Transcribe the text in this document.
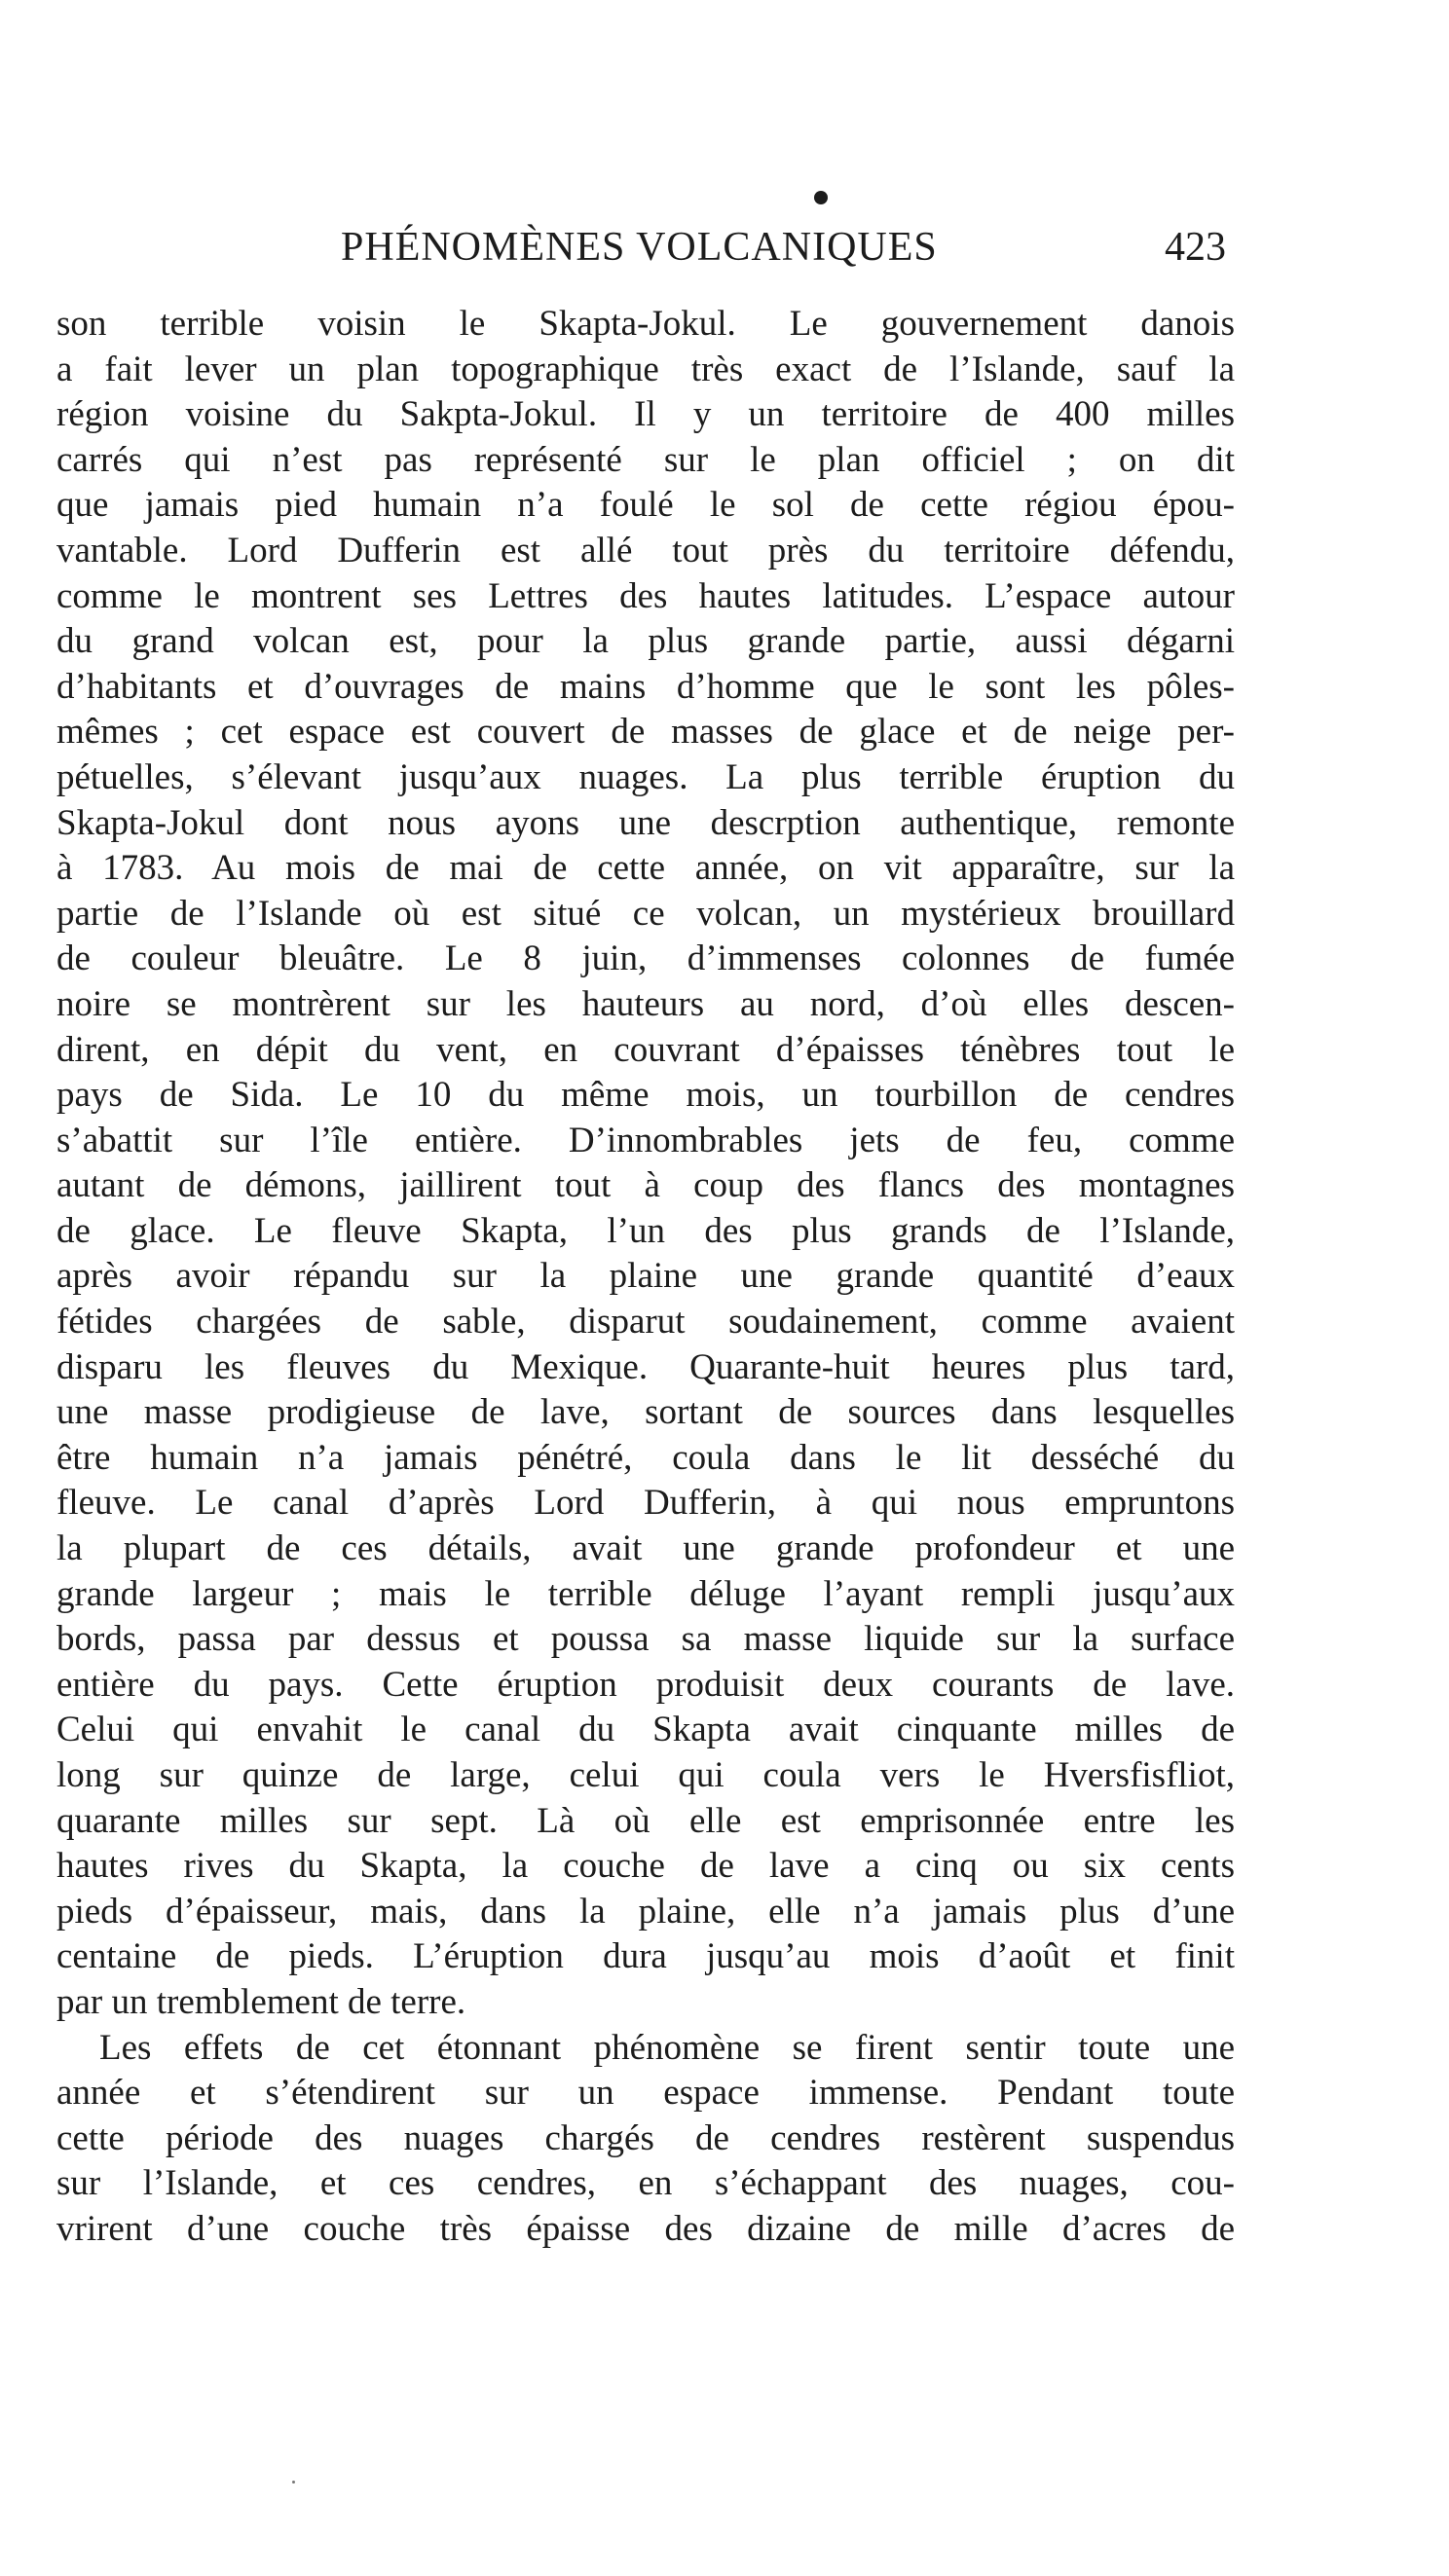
PHÉNOMÈNES VOLCANIQUES	423
son terrible voisin le Skapta-Jokul. Le gouvernement danois
a fait lever un plan topographique très exact de l’Islande, sauf la
région voisine du Sakpta-Jokul. Il y un territoire de 400 milles
carrés qui n’est pas représenté sur le plan officiel ; on dit
que jamais pied humain n’a foulé le sol de cette régiou épou-
vantable. Lord Dufferin est allé tout près du territoire défendu,
comme le montrent ses Lettres des hautes latitudes. L’espace autour
du grand volcan est, pour la plus grande partie, aussi dégarni
d’habitants et d’ouvrages de mains d’homme que le sont les pôles-
mêmes ; cet espace est couvert de masses de glace et de neige per-
pétuelles, s’élevant jusqu’aux nuages. La plus terrible éruption du
Skapta-Jokul dont nous ayons une descrption authentique, remonte
à 1783. Au mois de mai de cette année, on vit apparaître, sur la
partie de l’Islande où est situé ce volcan, un mystérieux brouillard
de couleur bleuâtre. Le 8 juin, d’immenses colonnes de fumée
noire se montrèrent sur les hauteurs au nord, d’où elles descen-
dirent, en dépit du vent, en couvrant d’épaisses ténèbres tout le
pays de Sida. Le 10 du même mois, un tourbillon de cendres
s’abattit sur l’île entière. D’innombrables jets de feu, comme
autant de démons, jaillirent tout à coup des flancs des montagnes
de glace. Le fleuve Skapta, l’un des plus grands de l’Islande,
après avoir répandu sur la plaine une grande quantité d’eaux
fétides chargées de sable, disparut soudainement, comme avaient
disparu les fleuves du Mexique. Quarante-huit heures plus tard,
une masse prodigieuse de lave, sortant de sources dans lesquelles
être humain n’a jamais pénétré, coula dans le lit desséché du
fleuve. Le canal d’après Lord Dufferin, à qui nous empruntons
la plupart de ces détails, avait une grande profondeur et une
grande largeur ; mais le terrible déluge l’ayant rempli jusqu’aux
bords, passa par dessus et poussa sa masse liquide sur la surface
entière du pays. Cette éruption produisit deux courants de lave.
Celui qui envahit le canal du Skapta avait cinquante milles de
long sur quinze de large, celui qui coula vers le Hversfisfliot,
quarante milles sur sept. Là où elle est emprisonnée entre les
hautes rives du Skapta, la couche de lave a cinq ou six cents
pieds d’épaisseur, mais, dans la plaine, elle n’a jamais plus d’une
centaine de pieds. L’éruption dura jusqu’au mois d’août et finit
par un tremblement de terre.
Les effets de cet étonnant phénomène se firent sentir toute une
année et s’étendirent sur un espace immense. Pendant toute
cette période des nuages chargés de cendres restèrent suspendus
sur l’Islande, et ces cendres, en s’échappant des nuages, cou-
vrirent d’une couche très épaisse des dizaine de mille d’acres de
